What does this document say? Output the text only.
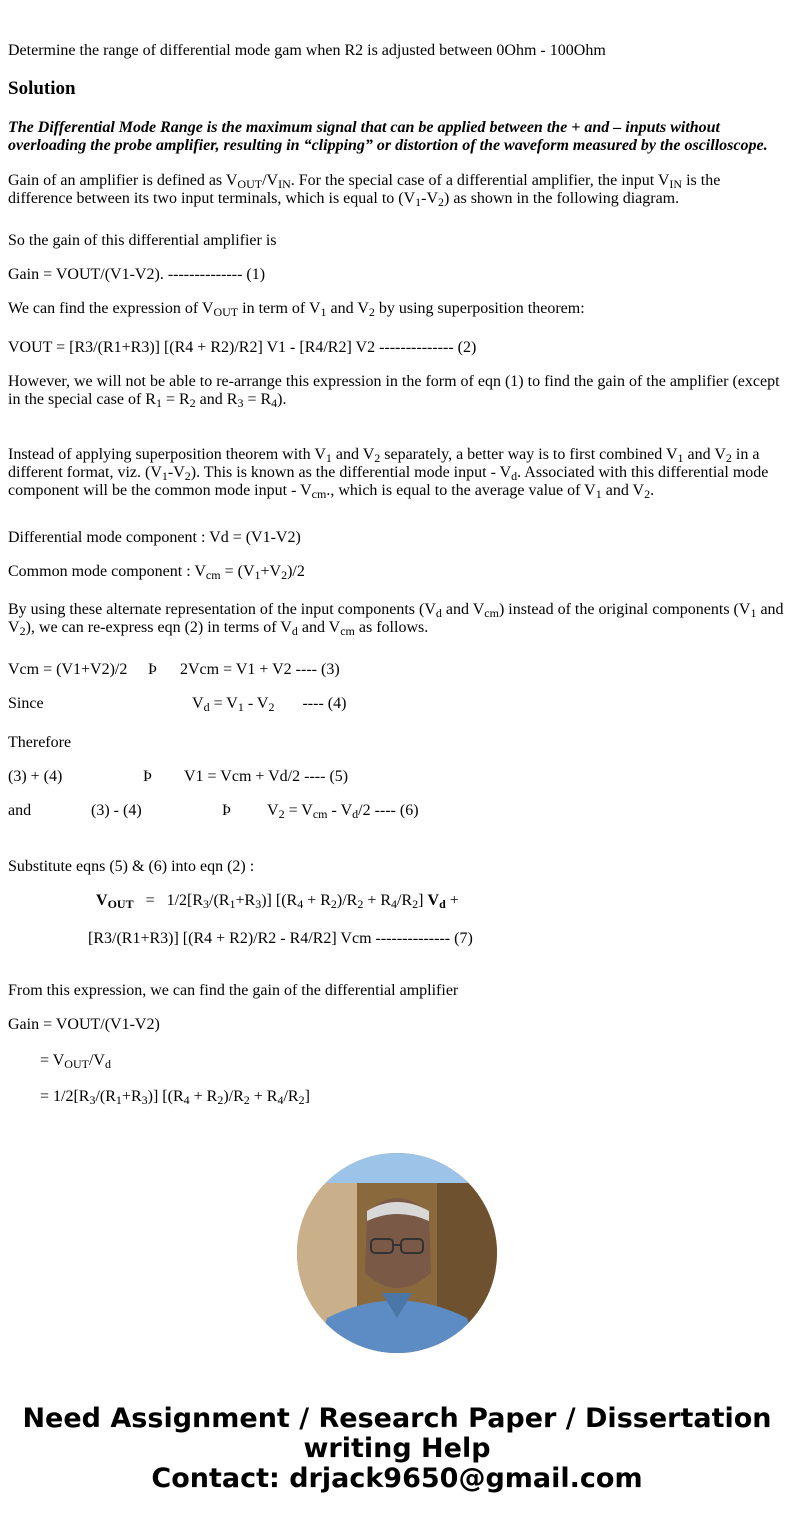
Determine the range of differential mode gam when R2 is adjusted between 0Ohm - 100Ohm

Solution

The Differential Mode Range is the maximum signal that can be applied between the + and – inputs without overloading the probe amplifier, resulting in “clipping” or distortion of the waveform measured by the oscilloscope.

Gain of an amplifier is defined as $V_{OUT}/V_{IN}$. For the special case of a differential amplifier, the input $V_{IN}$ is the difference between its two input terminals, which is equal to $(V_1-V_2)$ as shown in the following diagram.

So the gain of this differential amplifier is

Gain = VOUT/(V1-V2). -------------- (1)

We can find the expression of $V_{OUT}$ in term of $V_1$ and $V_2$ by using superposition theorem:

VOUT = [R3/(R1+R3)] [(R4 + R2)/R2] V1 - [R4/R2] V2 -------------- (2)

However, we will not be able to re-arrange this expression in the form of eqn (1) to find the gain of the amplifier (except in the special case of $R_1 = R_2$ and $R_3 = R_4$).

Instead of applying superposition theorem with $V_1$ and $V_2$ separately, a better way is to first combined $V_1$ and $V_2$ in a different format, viz. $(V_1-V_2)$. This is known as the differential mode input - $V_d$. Associated with this differential mode component will be the common mode input - $V_{cm}$., which is equal to the average value of $V_1$ and $V_2$.

Differential mode component : Vd = (V1-V2)

Common mode component : $V_{cm} = (V_1+V_2)/2$

By using these alternate representation of the input components ($V_d$ and $V_{cm}$) instead of the original components ($V_1$ and $V_2$), we can re-express eqn (2) in terms of $V_d$ and $V_{cm}$ as follows.

Vcm = (V1+V2)/2 Þ 2Vcm = V1 + V2 ---- (3)
Since	$V_d = V_1 - V_2$       ---- (4)

Therefore

(3) + (4)	Þ V1 = Vcm + Vd/2 ---- (5)
and	(3) - (4)	Þ $V_2 = V_{cm} - V_d/2$ ---- (6)

Substitute eqns (5) & (6) into eqn (2) :

$V_{OUT} = 1/2[R_3/(R_1+R_3)] [(R_4 + R_2)/R_2 + R_4/R_2] V_d$ +

[R3/(R1+R3)] [(R4 + R2)/R2 - R4/R2] Vcm -------------- (7)

From this expression, we can find the gain of the differential amplifier

Gain = VOUT/(V1-V2)

= $V_{OUT}/V_d$

= $1/2[R_3/(R_1+R_3)] [(R_4 + R_2)/R_2 + R_4/R_2]$

Need Assignment / Research Paper / Dissertation
writing Help
Contact: drjack9650@gmail.com
